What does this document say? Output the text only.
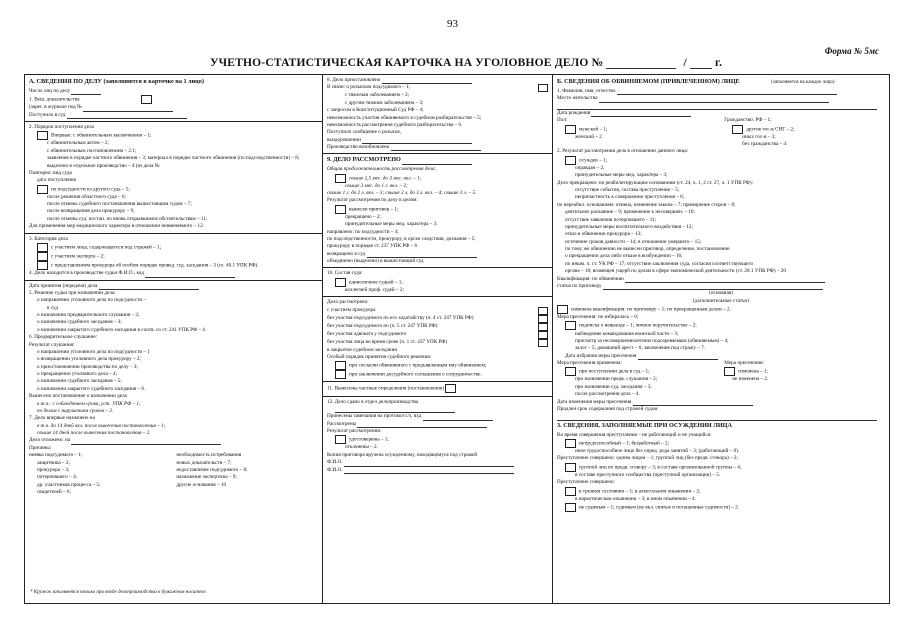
93
Форма № 5мс
УЧЕТНО-СТАТИСТИЧЕСКАЯ КАРТОЧКА НА УГОЛОВНОЕ ДЕЛО №	/ г.
А. СВЕДЕНИЯ ПО ДЕЛУ (заполняются в карточке на 1 лицо)
Число лиц по делу
1. Вещ. доказательства
(зарег. в журнале под №
Поступило в суд
2. Порядок поступления дела
Впервые: с обвинительным заключением – 1;
с обвинительным актом – 2;
с обвинительным постановлением – 2.1;
заявление в порядке частного обвинения – 3; материал в порядке частного обвинения (по подследственности) – 8;
выделено в отдельное производство – 4 (из дела №
Повторно: вид суда
дата поступления
по подсудности из другого суда – 5;
после решения областного суда – 6;
после отмены судебного постановления вышестоящим судом – 7;
после возвращения дела прокурору – 9;
после отмены суд. постан. по вновь открывшимся обстоятельствам – 11;
Для применения мер медицинского характера в отношении невменяемого – 12.
3. Категория дела
с участием лица, содержащегося под стражей – 1;
с участием эксперта – 2;
с представлением прокурора об особом порядке провед. суд. заседания – 3 (гл. 40.1 УПК РФ).
4. Дело находится в производстве судьи Ф.И.О., код
Дата принятия (передачи) дела
5. Решение судьи при назначении дела:
о направлении уголовного дела по подсудности –
в суд
о назначении предварительного слушания – 2;
о назначении судебного заседания – 3;
о назначении закрытого судебного заседания в соотв. со ст. 241 УПК РФ – 4.
6. Предварительное слушание:
Результат слушания:
о направлении уголовного дела по подсудности – 1
о возвращении уголовного дела прокурору – 2;
о приостановлении производства по делу – 3;
о прекращении уголовного дела – 4;
о назначении судебного заседания – 5;
о назначении закрытого судебного заседания – 6.
Вынесено постановление о назначении дела
в т.ч.: с соблюдением срока, уст. УПК РФ – 1;
по делам с нарушением сроков – 2.
7. Дело впервые назначено на
в т.ч. до 14 дней вкл. после вынесения постановления – 1;
свыше 14 дней после вынесения постановления – 2.
Дело отложено: на
Причины:
неявка подсудимого – 1;
защитника – 2;
прокурора – 3;
потерпевшего – 4;
др. участников процесса – 5;
свидетелей – 6;
необходимость истребования
новых доказательств – 7;
недоставление подсудимого – 8;
назначение экспертизы – 9;
другие основания – 10
8. Дело приостановлено
В связи: о розыском подсудимого – 1;
с тяжелым заболеванием – 2;
с другим тяжким заболеванием – 3;
с запросом в Конституционный Суд РФ – 4;
невозможность участия обвиняемого в судебном разбирательстве – 5;
невозможность рассмотрения судебного разбирательства – 6.
Поступило сообщение о розыске,
выздоровлении
Производство возобновлено
9. ДЕЛО РАССМОТРЕНО
Общая продолжительность рассмотрения дела:
свыше 1,5 мес. до 3 мес. вкл. – 1;
свыше 3 мес. до 1 г. вкл. – 2;
свыше 1 г. до 2 л. вкл. – 3; свыше 2 л. до 3 л. вкл. – 4; свыше 3 л. – 5.
Результат рассмотрения по делу в целом:
вынесен приговор – 1;
прекращено – 2;
принудительные меры мед. характера – 3;
направлено: по подсудности – 4;
по подследственности, прокурору, в орган следствия, дознания – 5;
прокурору в порядке ст. 237 УПК РФ – 6
возвращено в суд
объединено (выделено) в вышестоящий суд
10. Состав суда:
единоличное судьей – 1;
коллегией проф. судей – 2;
Дело рассмотрено:
с участием прокурора
без участия подсудимого по его ходатайству (ч. 4 ст. 247 УПК РФ)
без участия подсудимого по (ч. 5 ст. 247 УПК РФ)
без участия адвоката у подсудимого
без участия лица во время сроке (ч. 1 ст. 437 УПК РФ)
в закрытом судебном заседании
Особый порядок принятия судебного решения:
при согласии обвиняемого с предъявленным ему обвинением;
при заключении досудебного соглашения о сотрудничестве.
11. Вынесены частные определения (постановления)
12. Дело сдано в отдел делопроизводства
Принесены замечания на протокол с/з, вхд
Рассмотрены
Результат рассмотрения:
удостоверены – 1;
отклонены – 2.
Копия приговора вручена осужденному, находящемуся под стражей
Ф.И.О.
Ф.И.О.
Б. СВЕДЕНИЯ ОБ ОБВИНЯЕМОМ (ПРИВЛЕЧЕННОМ) ЛИЦЕ	(заполняется на каждое лицо)
1. Фамилия, имя, отчество
Место жительства
Дата рождения
Пол:
мужской – 1;
женский – 2.
Гражданство: РФ – 1;
другие гос-в СНГ – 2;
иных гос-в – 3;
без гражданства – 4.
2. Результат рассмотрения дела в отношении данного лица:
осужден – 1;
оправдан – 2;
принудительные меры мед. характера – 3;
Дело прекращено: по реабилитирующим основаниям (ст. 24, ч. 1, 2 ст. 27, ч. 1 УПК РФ):
отсутствие события, состава преступления – 5;
непричастность к совершению преступления – 6;
по нереабил. основаниям: отмена, изменение закона – 7; примирение сторон – 8;
деятельное раскаяние – 9; применение к несовершен. – 10;
отсутствие заявления потерпевшего – 11;
принудительные меры воспитательного воздействия – 12;
отказ в обвинении прокурора – 13;
истечение сроков давности – 14; в отношении умершего – 15;
по тому же обвинению не вынесен приговор, определение, постановление
о прекращении дела либо отказе в возбуждении – 16;
по иным. ч. ст. УК РФ – 17; отсутствие заключения суда, согласия соответствующего
органа – 18; возмещен ущерб по делам в сфере экономической деятельности (ст. 28.1 УПК РФ) – 20
Квалификация: по обвинению
статья по приговору
(основная)
(дополнительные статьи)
изменена квалификация: по приговору – 1; по прекращенным делам – 2.
Мера пресечения: не избиралась – 0;
подписка о невыезде – 1; личное поручительство – 2;
наблюдение командования воинской части – 3;
присмотр за несовершеннолетним подозреваемым (обвиняемым) – 4;
залог – 5; домашний арест – 6; заключение под стражу – 7.
Дата избрания меры пресечения
Мера пресечения применена:
при поступлении дела в суд – 1;
при назначении предв. слушания – 2;
при назначении суд. заседания – 3;
после рассмотрения дела – 4.
Мера пресечения:
изменена – 1;
не изменена – 2.
Дата изменения меры пресечения
Продлен срок содержания под стражей судом
3. СВЕДЕНИЯ, ЗАПОЛНЯЕМЫЕ ПРИ ОСУЖДЕНИИ ЛИЦА
Во время совершения преступления – не работающий и не учащийся:
нетрудоспособный – 1; безработный – 2;
иное трудоспособное лицо без опред. рода занятий – 3; (работающий – 0).
Преступление совершено: одним лицом – 1; группой лиц (без предв. сговора) – 2;
группой лиц по предв. сговору – 3; в составе организованной группы – 4;
в составе преступного сообщества (преступной организации) – 5.
Преступление совершено:
в трезвом состоянии – 1; в алкогольном опьянении – 2;
в наркотическом опьянении – 3; в ином опьянении – 4.
не судимым – 1; судимым (не вкл. снятые и погашенные судимости) – 2.
* Кружок заполняется только при вводе делопроизводства в бумажном носителе.
